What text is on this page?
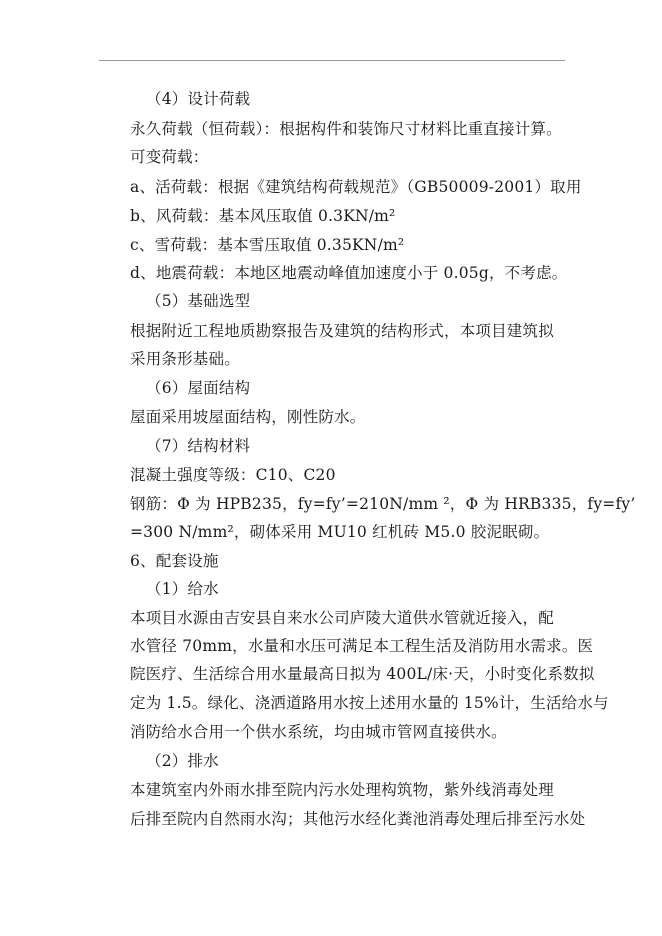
（4）设计荷载
永久荷载（恒荷载）：根据构件和装饰尺寸材料比重直接计算。
可变荷载：
a、活荷载：根据《建筑结构荷载规范》（GB50009-2001）取用
b、风荷载：基本风压取值 0.3KN/m²
c、雪荷载：基本雪压取值 0.35KN/m²
d、地震荷载：本地区地震动峰值加速度小于 0.05g，不考虑。
（5）基础选型
根据附近工程地质勘察报告及建筑的结构形式，本项目建筑拟
采用条形基础。
（6）屋面结构
屋面采用坡屋面结构，刚性防水。
（7）结构材料
混凝土强度等级：C10、C20
钢筋：Φ 为 HPB235，fy=fy’=210N/mm ²，Φ 为 HRB335，fy=fy’
=300 N/mm²，砌体采用 MU10 红机砖 M5.0 胶泥眠砌。
6、配套设施
（1）给水
本项目水源由吉安县自来水公司庐陵大道供水管就近接入，配
水管径 70mm，水量和水压可满足本工程生活及消防用水需求。医
院医疗、生活综合用水量最高日拟为 400L/床·天，小时变化系数拟
定为 1.5。绿化、浇洒道路用水按上述用水量的 15%计，生活给水与
消防给水合用一个供水系统，均由城市管网直接供水。
（2）排水
本建筑室内外雨水排至院内污水处理构筑物，紫外线消毒处理
后排至院内自然雨水沟；其他污水经化粪池消毒处理后排至污水处
